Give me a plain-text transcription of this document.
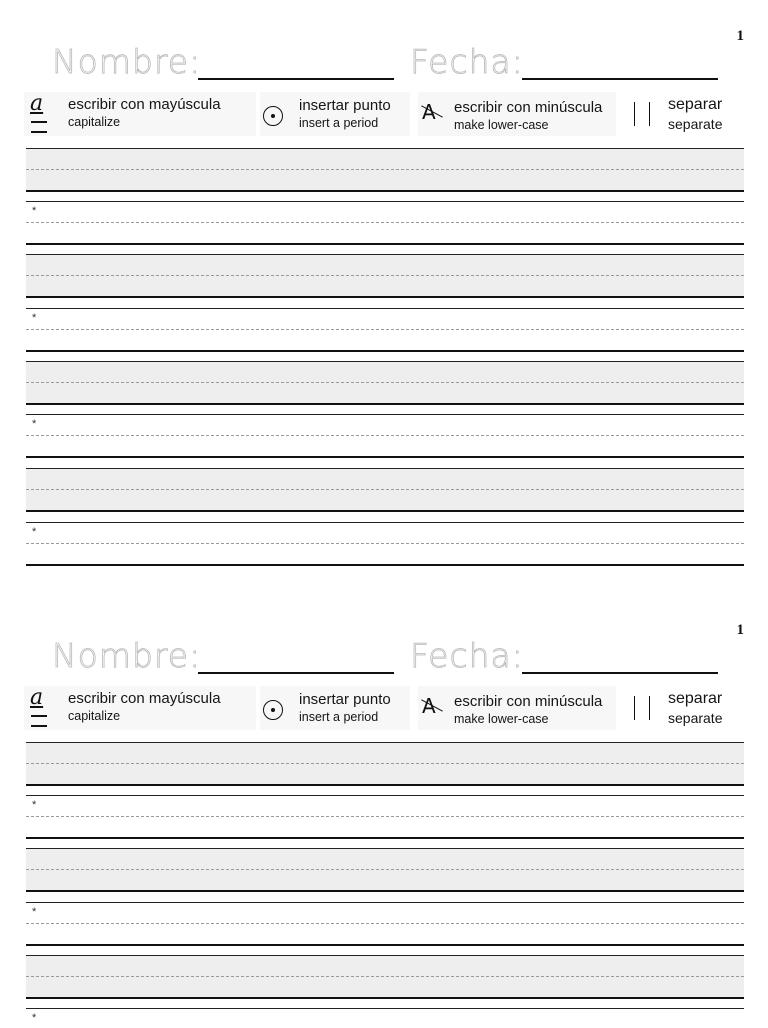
1
Nombre:	Fecha:
a	escribir con mayúscula
capitalize
insertar punto
insert a period	A escribir con minúscula
make lower-case
separar
separate
*
*
*
*
1
Nombre:	Fecha:
a	escribir con mayúscula
capitalize
insertar punto
insert a period	A escribir con minúscula
make lower-case
separar
separate
*
*
*
